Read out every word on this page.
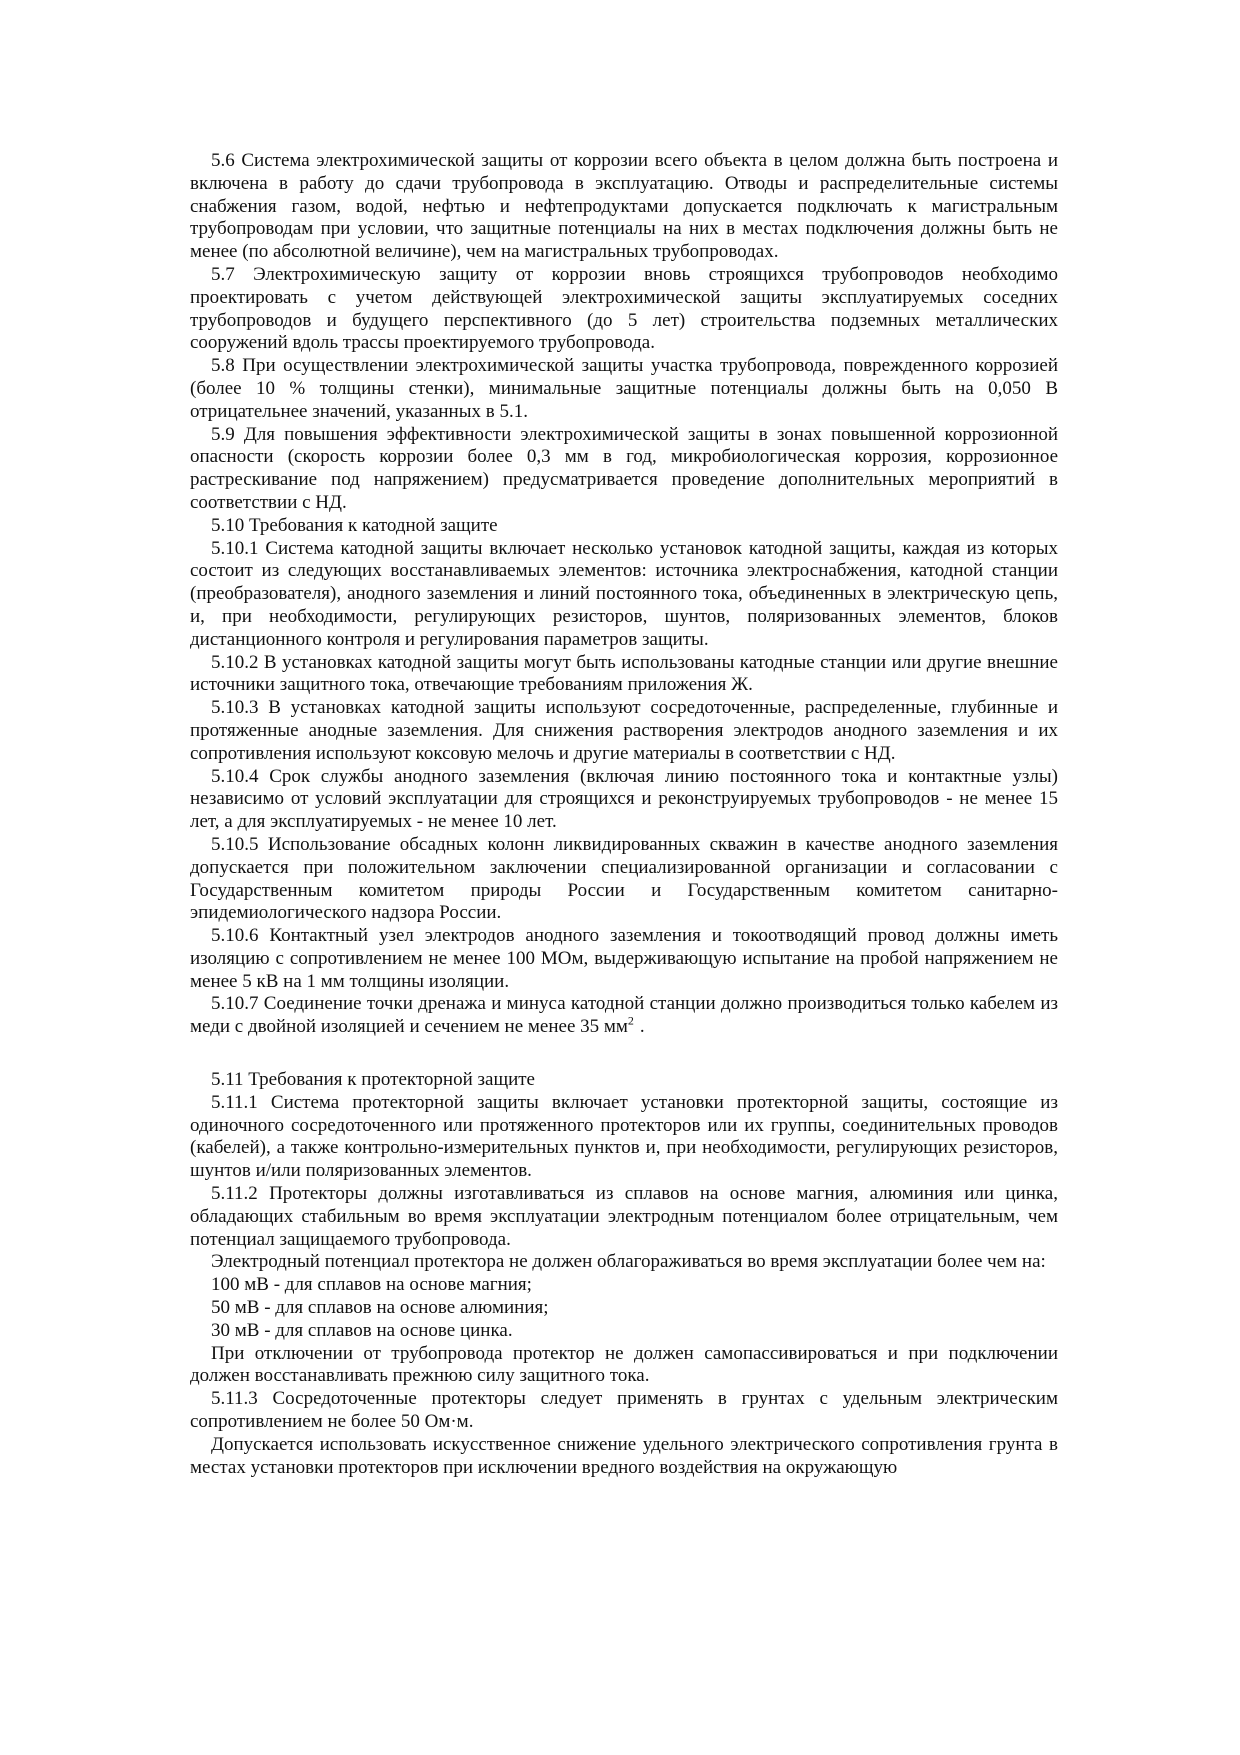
5.6 Система электрохимической защиты от коррозии всего объекта в целом должна быть построена и включена в работу до сдачи трубопровода в эксплуатацию. Отводы и распределительные системы снабжения газом, водой, нефтью и нефтепродуктами допускается подключать к магистральным трубопроводам при условии, что защитные потенциалы на них в местах подключения должны быть не менее (по абсолютной величине), чем на магистральных трубопроводах.

5.7 Электрохимическую защиту от коррозии вновь строящихся трубопроводов необходимо проектировать с учетом действующей электрохимической защиты эксплуатируемых соседних трубопроводов и будущего перспективного (до 5 лет) строительства подземных металлических сооружений вдоль трассы проектируемого трубопровода.

5.8 При осуществлении электрохимической защиты участка трубопровода, поврежденного коррозией (более 10 % толщины стенки), минимальные защитные потенциалы должны быть на 0,050 В отрицательнее значений, указанных в 5.1.

5.9 Для повышения эффективности электрохимической защиты в зонах повышенной коррозионной опасности (скорость коррозии более 0,3 мм в год, микробиологическая коррозия, коррозионное растрескивание под напряжением) предусматривается проведение дополнительных мероприятий в соответствии с НД.

5.10 Требования к катодной защите

5.10.1 Система катодной защиты включает несколько установок катодной защиты, каждая из которых состоит из следующих восстанавливаемых элементов: источника электроснабжения, катодной станции (преобразователя), анодного заземления и линий постоянного тока, объединенных в электрическую цепь, и, при необходимости, регулирующих резисторов, шунтов, поляризованных элементов, блоков дистанционного контроля и регулирования параметров защиты.

5.10.2 В установках катодной защиты могут быть использованы катодные станции или другие внешние источники защитного тока, отвечающие требованиям приложения Ж.

5.10.3 В установках катодной защиты используют сосредоточенные, распределенные, глубинные и протяженные анодные заземления. Для снижения растворения электродов анодного заземления и их сопротивления используют коксовую мелочь и другие материалы в соответствии с НД.

5.10.4 Срок службы анодного заземления (включая линию постоянного тока и контактные узлы) независимо от условий эксплуатации для строящихся и реконструируемых трубопроводов - не менее 15 лет, а для эксплуатируемых - не менее 10 лет.

5.10.5 Использование обсадных колонн ликвидированных скважин в качестве анодного заземления допускается при положительном заключении специализированной организации и согласовании с Государственным комитетом природы России и Государственным комитетом санитарно-эпидемиологического надзора России.

5.10.6 Контактный узел электродов анодного заземления и токоотводящий провод должны иметь изоляцию с сопротивлением не менее 100 МОм, выдерживающую испытание на пробой напряжением не менее 5 кВ на 1 мм толщины изоляции.

5.10.7 Соединение точки дренажа и минуса катодной станции должно производиться только кабелем из меди с двойной изоляцией и сечением не менее 35 $мм^2$ .

5.11 Требования к протекторной защите

5.11.1 Система протекторной защиты включает установки протекторной защиты, состоящие из одиночного сосредоточенного или протяженного протекторов или их группы, соединительных проводов (кабелей), а также контрольно-измерительных пунктов и, при необходимости, регулирующих резисторов, шунтов и/или поляризованных элементов.

5.11.2 Протекторы должны изготавливаться из сплавов на основе магния, алюминия или цинка, обладающих стабильным во время эксплуатации электродным потенциалом более отрицательным, чем потенциал защищаемого трубопровода.

Электродный потенциал протектора не должен облагораживаться во время эксплуатации более чем на:

100 мВ - для сплавов на основе магния;

50 мВ - для сплавов на основе алюминия;

30 мВ - для сплавов на основе цинка.

При отключении от трубопровода протектор не должен самопассивироваться и при подключении должен восстанавливать прежнюю силу защитного тока.

5.11.3 Сосредоточенные протекторы следует применять в грунтах с удельным электрическим сопротивлением не более 50 Ом·м.

Допускается использовать искусственное снижение удельного электрического сопротивления грунта в местах установки протекторов при исключении вредного воздействия на окружающую
